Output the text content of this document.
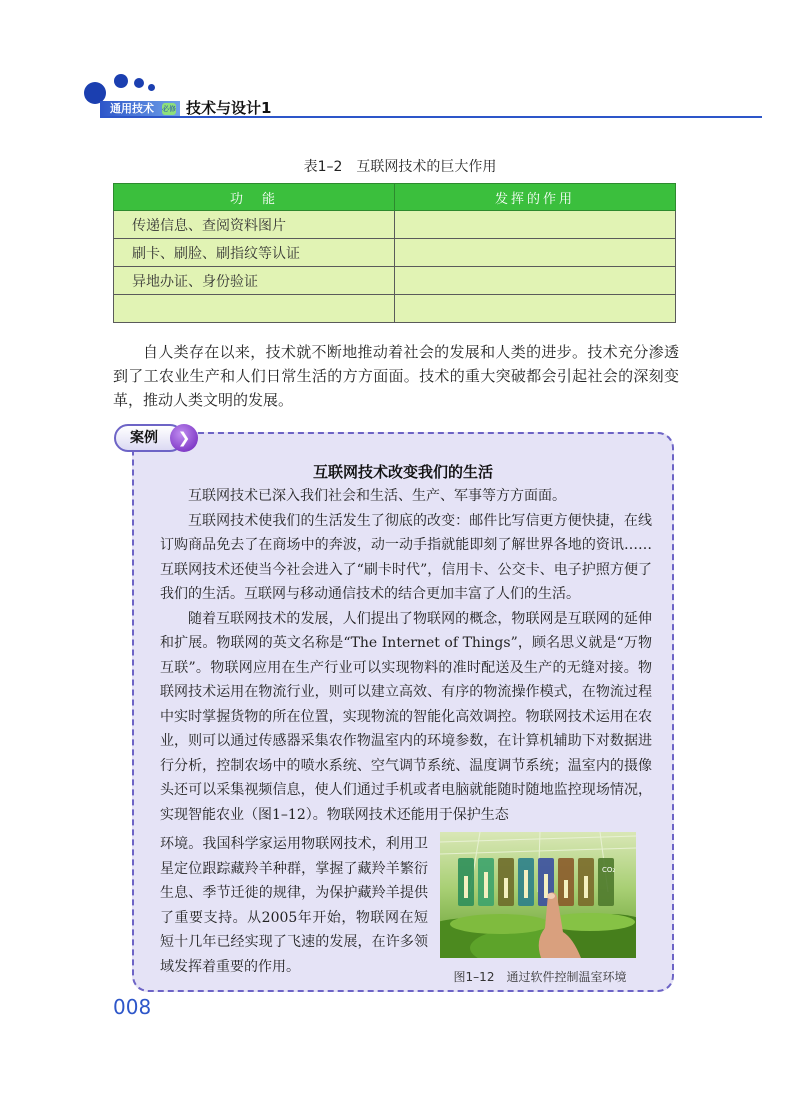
通用技术 必修 技术与设计1
表1–2　互联网技术的巨大作用
功　能	发挥的作用
传递信息、查阅资料图片	
刷卡、刷脸、刷指纹等认证	
异地办证、身份验证	

自人类存在以来，技术就不断地推动着社会的发展和人类的进步。技术充分渗透到了工农业生产和人们日常生活的方方面面。技术的重大突破都会引起社会的深刻变革，推动人类文明的发展。
案例	❯
互联网技术改变我们的生活

互联网技术已深入我们社会和生活、生产、军事等方方面面。

互联网技术使我们的生活发生了彻底的改变：邮件比写信更方便快捷，在线订购商品免去了在商场中的奔波，动一动手指就能即刻了解世界各地的资讯……互联网技术还使当今社会进入了“刷卡时代”，信用卡、公交卡、电子护照方便了我们的生活。互联网与移动通信技术的结合更加丰富了人们的生活。

随着互联网技术的发展，人们提出了物联网的概念，物联网是互联网的延伸和扩展。物联网的英文名称是“The Internet of Things”，顾名思义就是“万物互联”。物联网应用在生产行业可以实现物料的准时配送及生产的无缝对接。物联网技术运用在物流行业，则可以建立高效、有序的物流操作模式，在物流过程中实时掌握货物的所在位置，实现物流的智能化高效调控。物联网技术运用在农业，则可以通过传感器采集农作物温室内的环境参数，在计算机辅助下对数据进行分析，控制农场中的喷水系统、空气调节系统、温度调节系统；温室内的摄像头还可以采集视频信息，使人们通过手机或者电脑就能随时随地监控现场情况，实现智能农业（图1–12）。物联网技术还能用于保护生态

环境。我国科学家运用物联网技术，利用卫星定位跟踪藏羚羊种群，掌握了藏羚羊繁衍生息、季节迁徙的规律，为保护藏羚羊提供了重要支持。从2005年开始，物联网在短短十几年已经实现了飞速的发展，在许多领域发挥着重要的作用。
CO₂
图1–12　通过软件控制温室环境
008
